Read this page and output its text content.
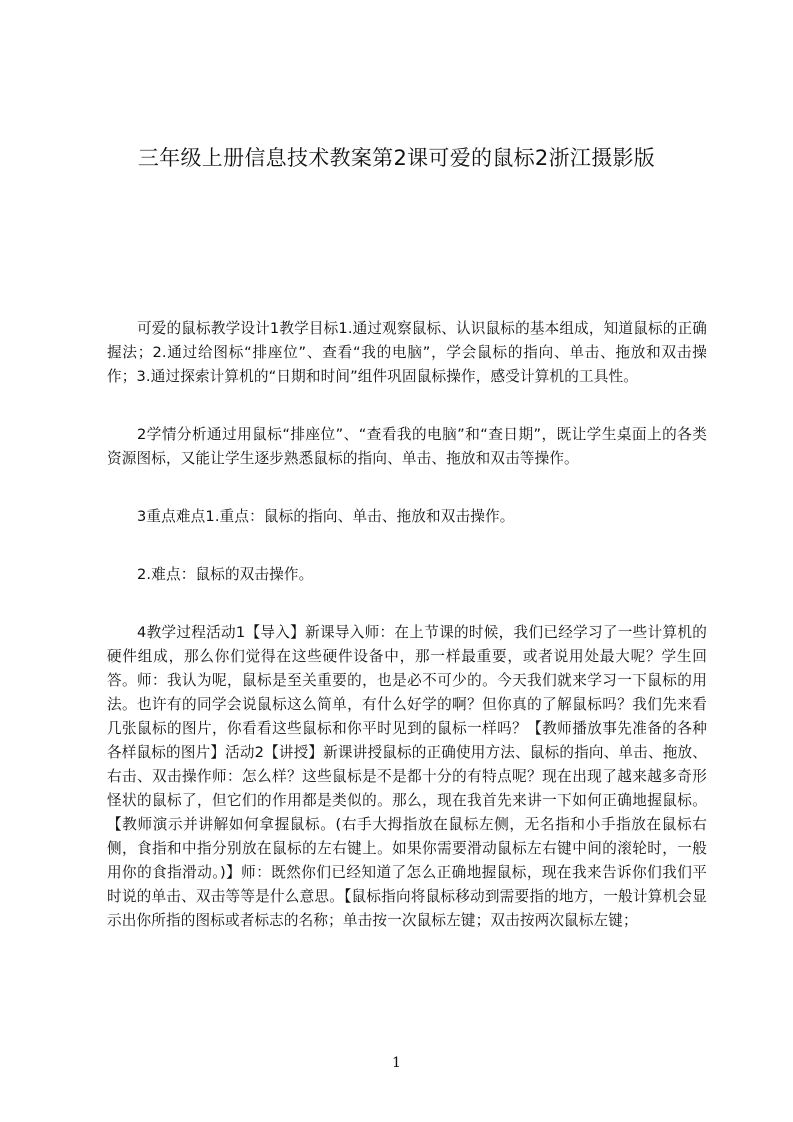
三年级上册信息技术教案第2课可爱的鼠标2浙江摄影版

可爱的鼠标教学设计1教学目标1.通过观察鼠标、认识鼠标的基本组成，知道鼠标的正确握法；2.通过给图标“排座位”、查看“我的电脑”，学会鼠标的指向、单击、拖放和双击操作；3.通过探索计算机的“日期和时间”组件巩固鼠标操作，感受计算机的工具性。

2学情分析通过用鼠标“排座位”、“查看我的电脑”和“查日期”，既让学生桌面上的各类资源图标，又能让学生逐步熟悉鼠标的指向、单击、拖放和双击等操作。

3重点难点1.重点：鼠标的指向、单击、拖放和双击操作。

2.难点：鼠标的双击操作。

4教学过程活动1【导入】新课导入师：在上节课的时候，我们已经学习了一些计算机的硬件组成，那么你们觉得在这些硬件设备中，那一样最重要，或者说用处最大呢？学生回答。师：我认为呢，鼠标是至关重要的，也是必不可少的。今天我们就来学习一下鼠标的用法。也许有的同学会说鼠标这么简单，有什么好学的啊？但你真的了解鼠标吗？我们先来看几张鼠标的图片，你看看这些鼠标和你平时见到的鼠标一样吗？【教师播放事先准备的各种各样鼠标的图片】活动2【讲授】新课讲授鼠标的正确使用方法、鼠标的指向、单击、拖放、右击、双击操作师：怎么样？这些鼠标是不是都十分的有特点呢？现在出现了越来越多奇形怪状的鼠标了，但它们的作用都是类似的。那么，现在我首先来讲一下如何正确地握鼠标。【教师演示并讲解如何拿握鼠标。(右手大拇指放在鼠标左侧，无名指和小手指放在鼠标右侧，食指和中指分别放在鼠标的左右键上。如果你需要滑动鼠标左右键中间的滚轮时，一般用你的食指滑动。)】师：既然你们已经知道了怎么正确地握鼠标，现在我来告诉你们我们平时说的单击、双击等等是什么意思。【鼠标指向将鼠标移动到需要指的地方，一般计算机会显示出你所指的图标或者标志的名称；单击按一次鼠标左键；双击按两次鼠标左键；

1
